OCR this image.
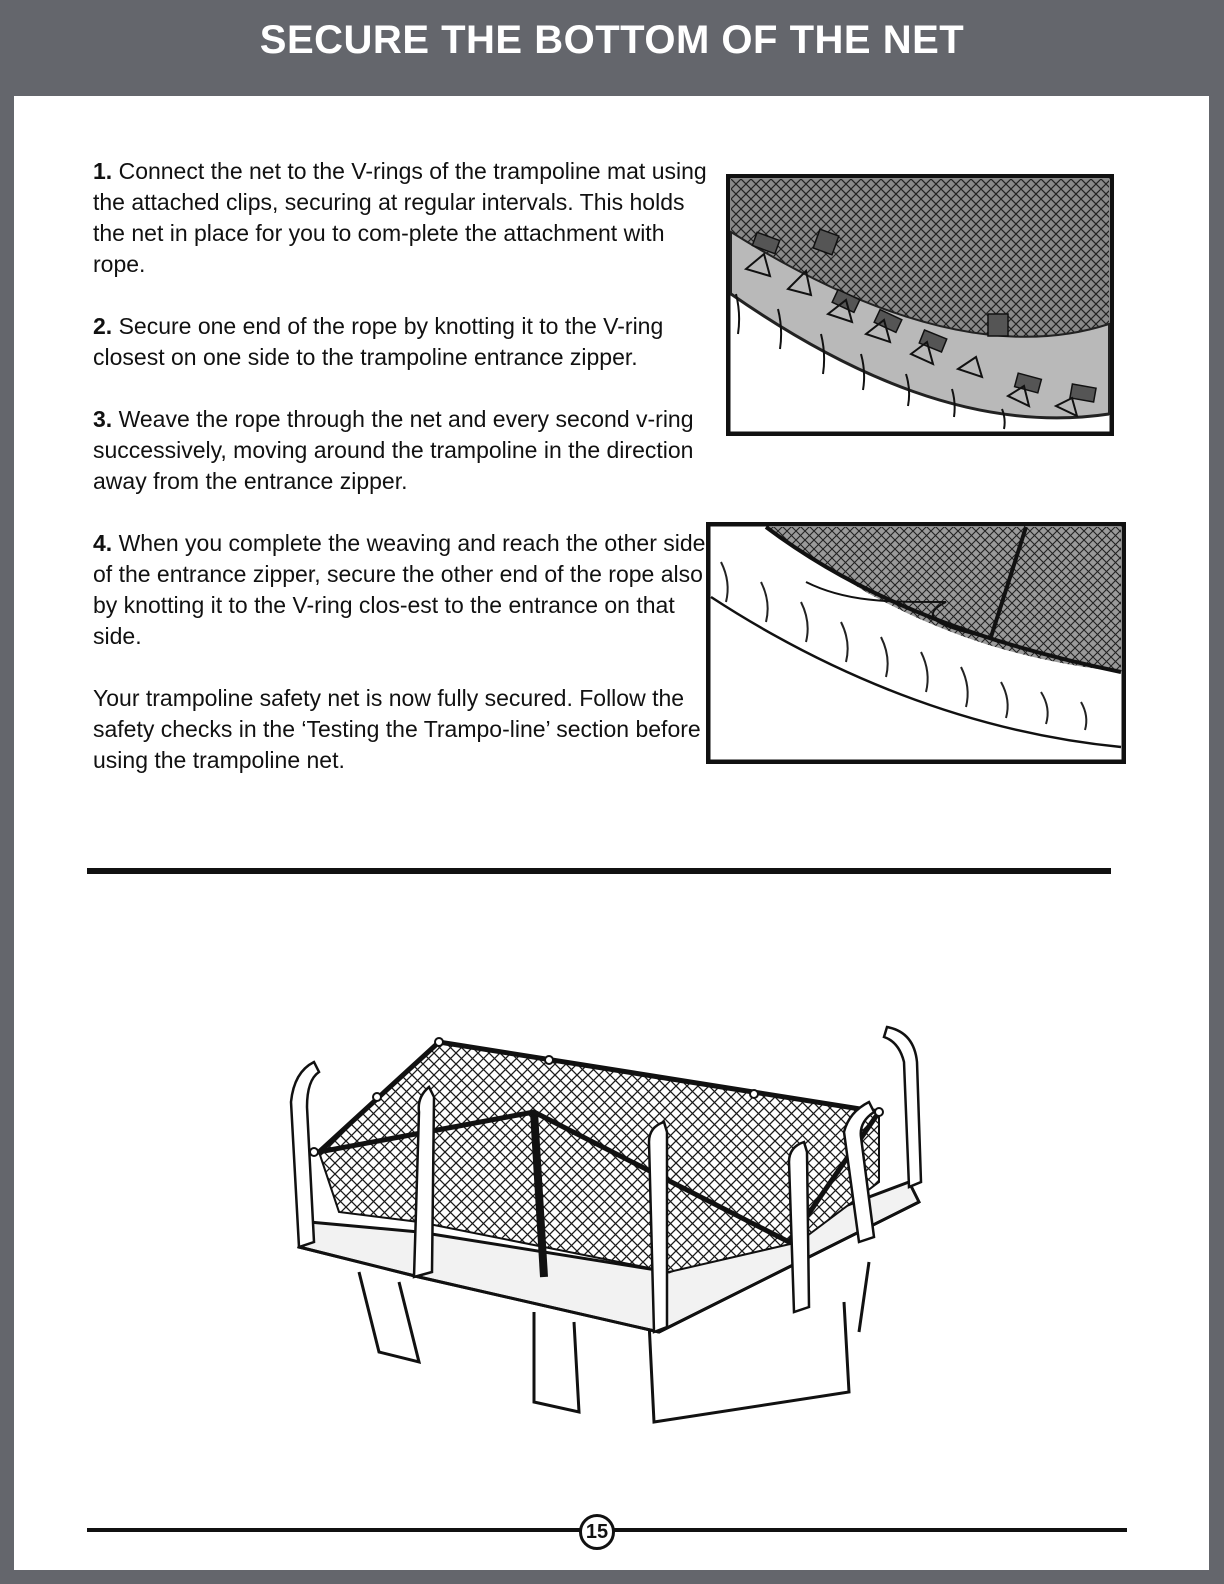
SECURE THE BOTTOM OF THE NET

1. Connect the net to the V-rings of the trampoline mat using the attached clips, securing at regular intervals. This holds the net in place for you to com-plete the attachment with rope.

2. Secure one end of the rope by knotting it to the V-ring closest on one side to the trampoline entrance zipper.

3. Weave the rope through the net and every second v-ring successively, moving around the trampoline in the direction away from the entrance zipper.

4. When you complete the weaving and reach the other side of the entrance zipper, secure the other end of the rope also by knotting it to the V-ring clos-est to the entrance on that side.

Your trampoline safety net is now fully secured. Follow the safety checks in the ‘Testing the Trampo-line’ section before using the trampoline net.

15
